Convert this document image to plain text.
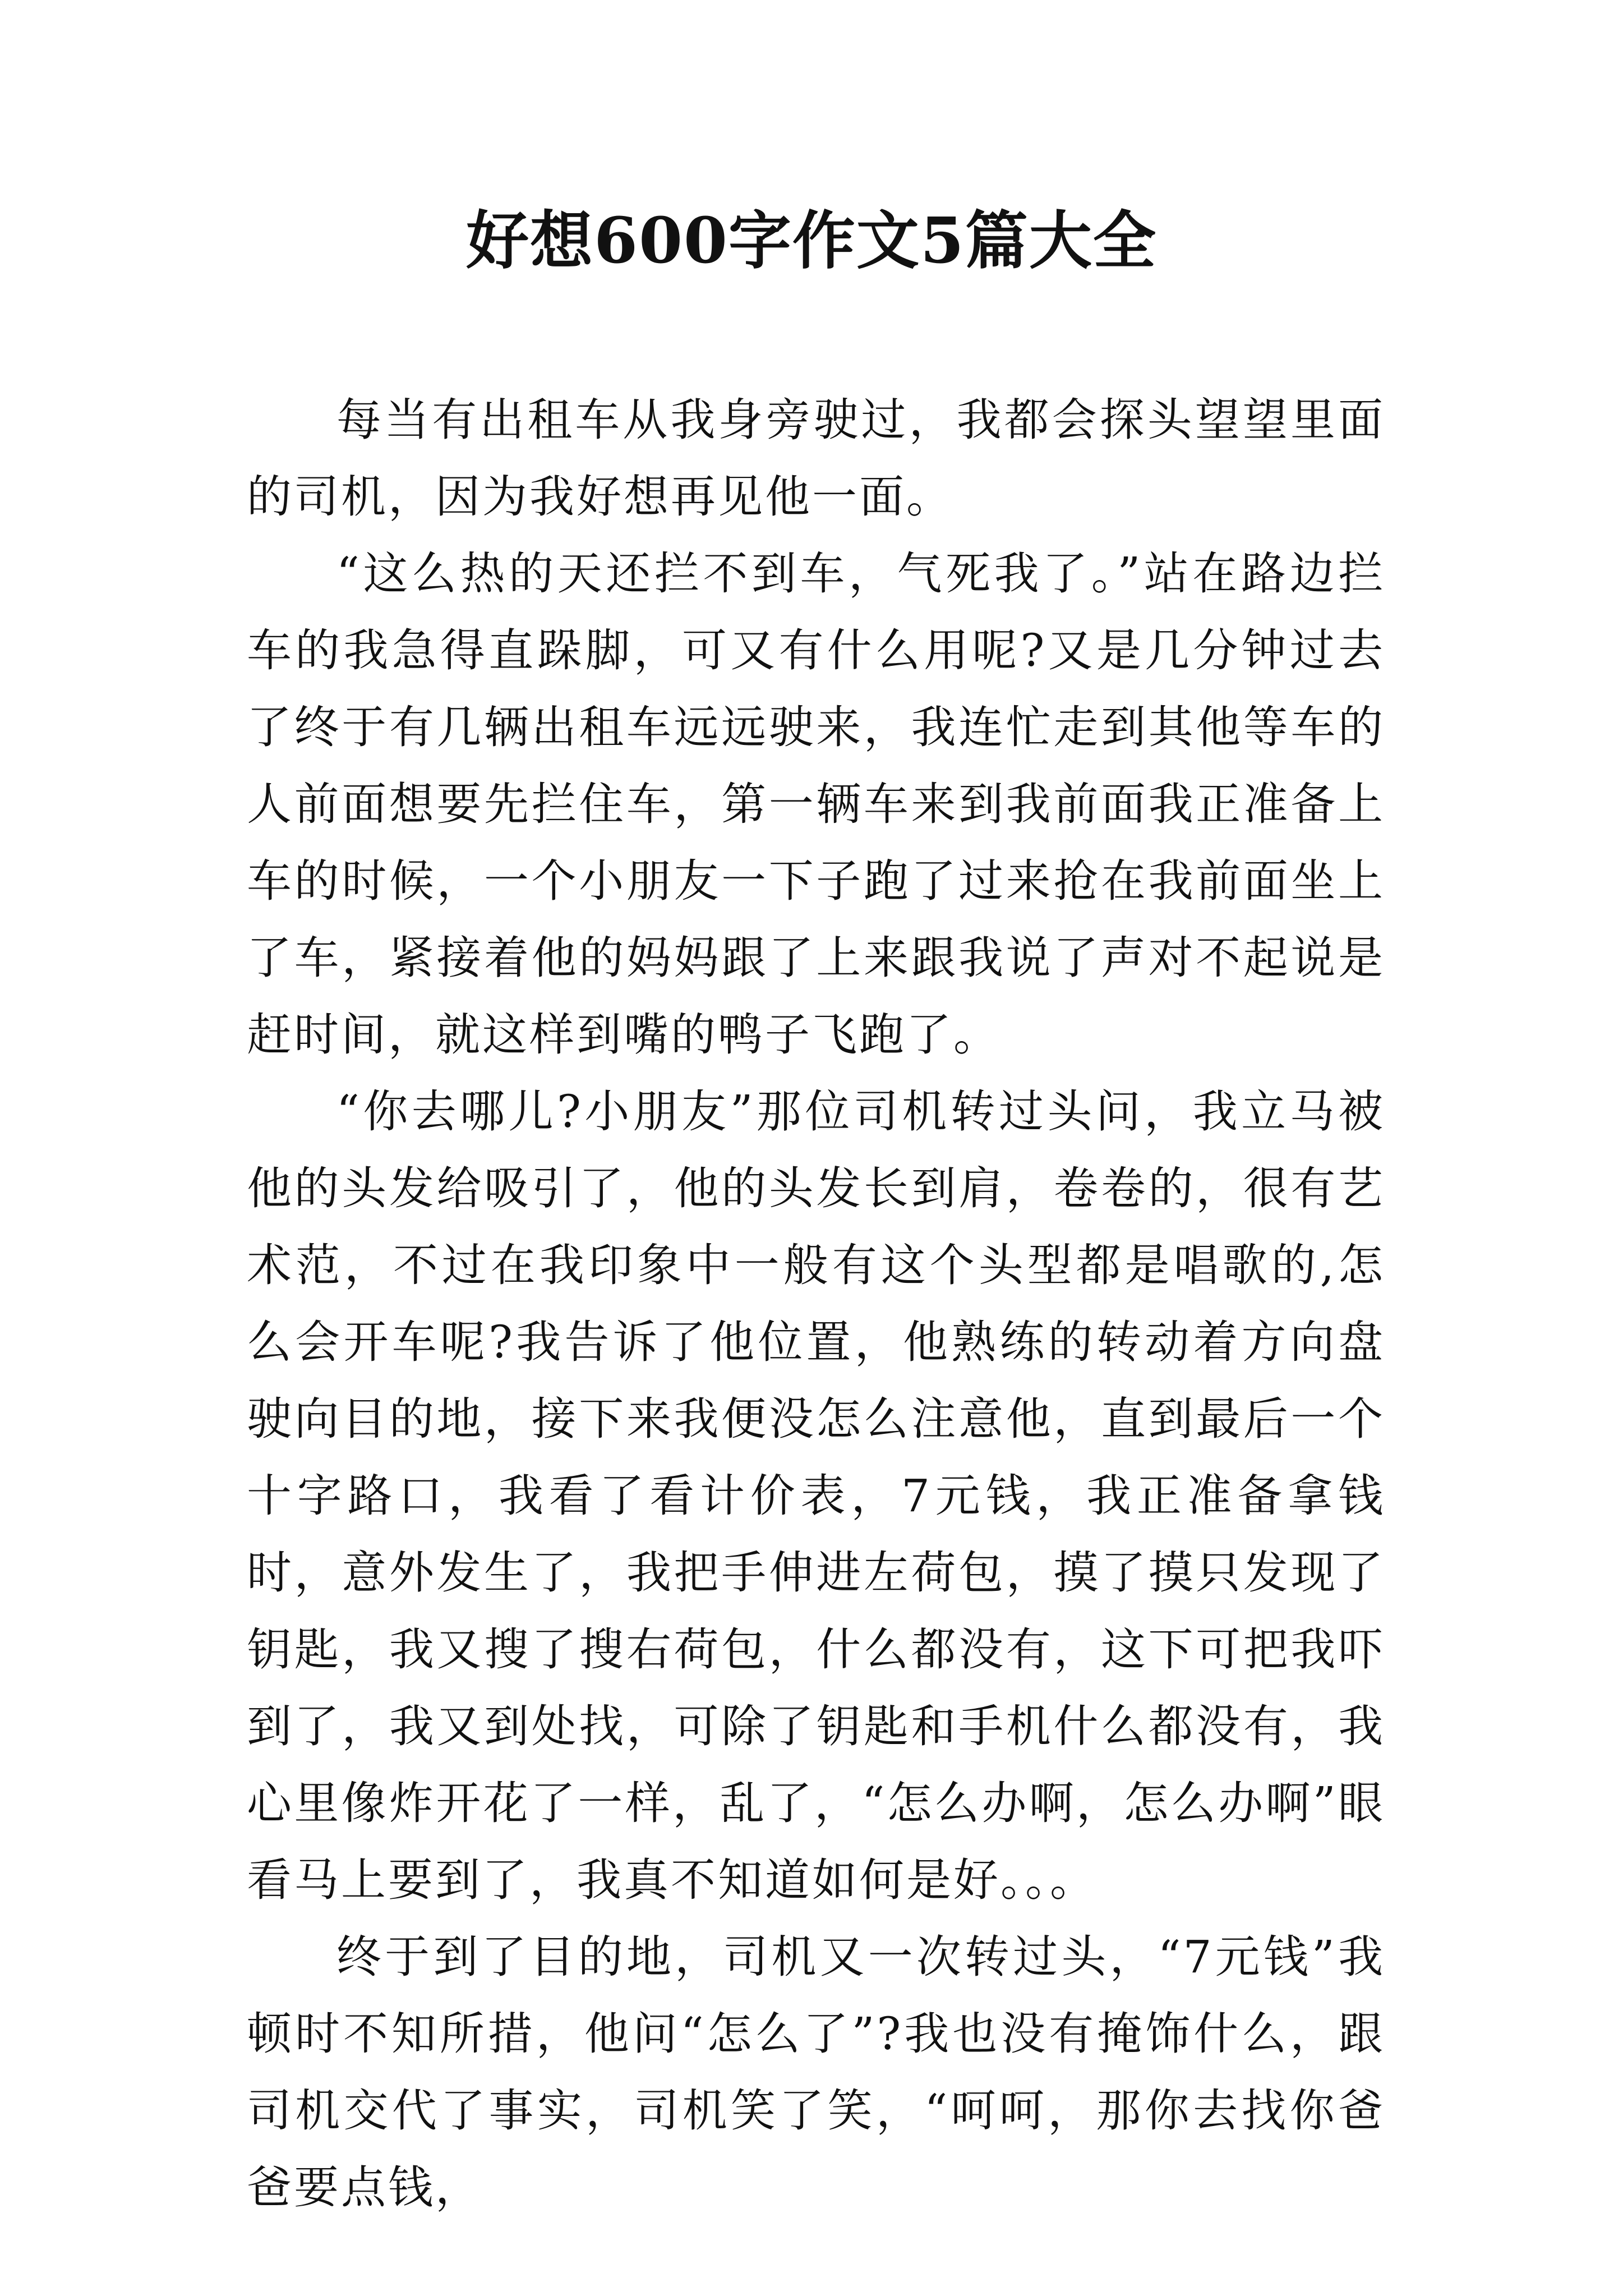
好想600字作文5篇大全

每当有出租车从我身旁驶过，我都会探头望望里面的司机，因为我好想再见他一面。

“这么热的天还拦不到车，气死我了。”站在路边拦车的我急得直跺脚，可又有什么用呢?又是几分钟过去了终于有几辆出租车远远驶来，我连忙走到其他等车的人前面想要先拦住车，第一辆车来到我前面我正准备上车的时候，一个小朋友一下子跑了过来抢在我前面坐上了车，紧接着他的妈妈跟了上来跟我说了声对不起说是赶时间，就这样到嘴的鸭子飞跑了。

“你去哪儿?小朋友”那位司机转过头问，我立马被他的头发给吸引了，他的头发长到肩，卷卷的，很有艺术范，不过在我印象中一般有这个头型都是唱歌的,怎么会开车呢?我告诉了他位置，他熟练的转动着方向盘驶向目的地，接下来我便没怎么注意他，直到最后一个十字路口，我看了看计价表，7元钱，我正准备拿钱时，意外发生了，我把手伸进左荷包，摸了摸只发现了钥匙，我又搜了搜右荷包，什么都没有，这下可把我吓到了，我又到处找，可除了钥匙和手机什么都没有，我心里像炸开花了一样，乱了，“怎么办啊，怎么办啊”眼看马上要到了，我真不知道如何是好。。。

终于到了目的地，司机又一次转过头，“7元钱”我顿时不知所措，他问“怎么了”?我也没有掩饰什么，跟司机交代了事实，司机笑了笑，“呵呵，那你去找你爸爸要点钱，
